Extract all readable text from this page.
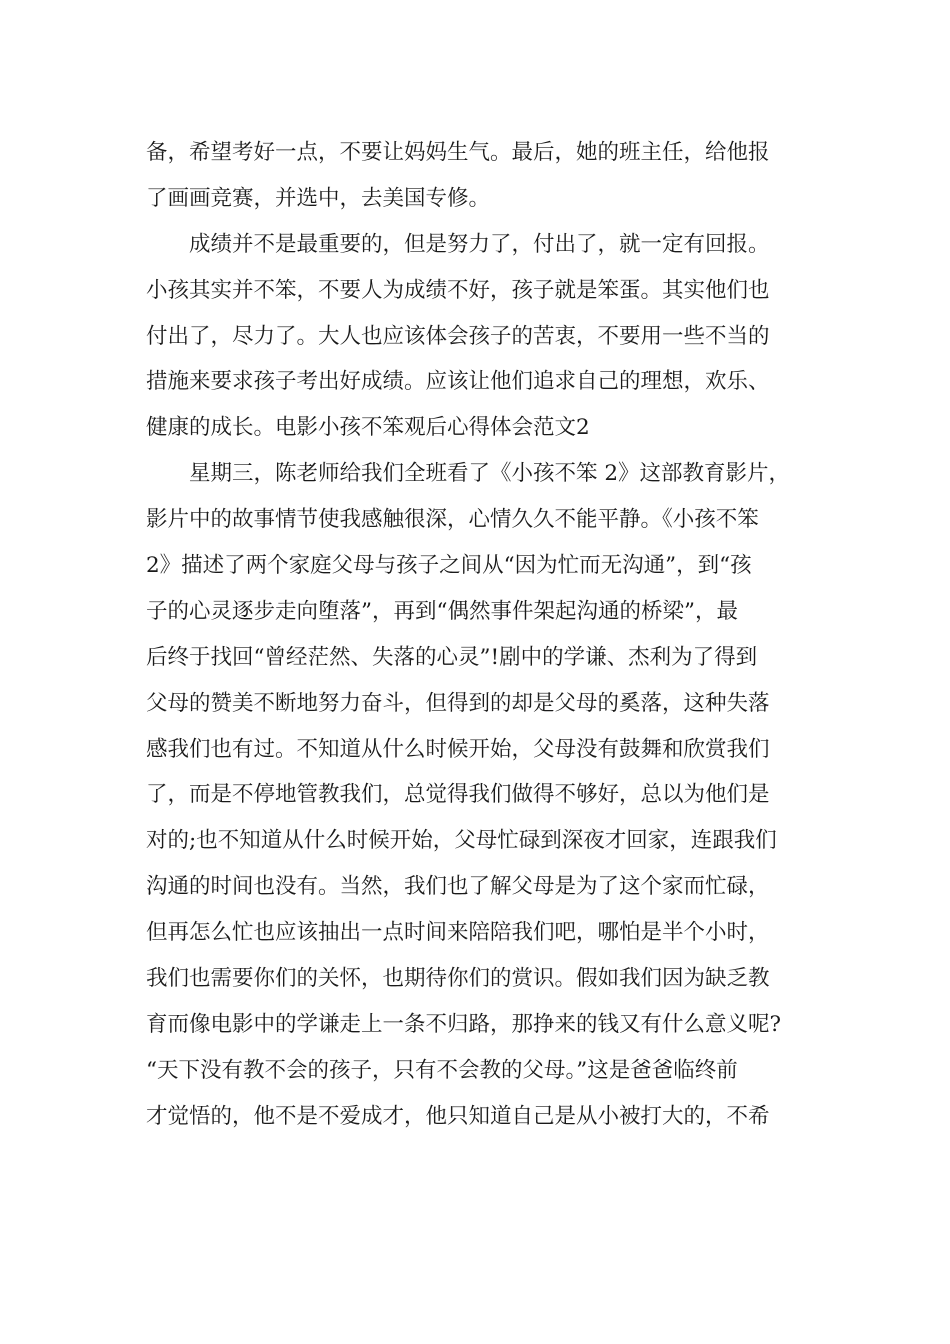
备，希望考好一点，不要让妈妈生气。最后，她的班主任，给他报
了画画竞赛，并选中，去美国专修。
成绩并不是最重要的，但是努力了，付出了，就一定有回报。
小孩其实并不笨，不要人为成绩不好，孩子就是笨蛋。其实他们也
付出了，尽力了。大人也应该体会孩子的苦衷，不要用一些不当的
措施来要求孩子考出好成绩。应该让他们追求自己的理想，欢乐、
健康的成长。电影小孩不笨观后心得体会范文2
星期三，陈老师给我们全班看了《小孩不笨 2》这部教育影片，
影片中的故事情节使我感触很深，心情久久不能平静。《小孩不笨
2》描述了两个家庭父母与孩子之间从“因为忙而无沟通”，到“孩
子的心灵逐步走向堕落”，再到“偶然事件架起沟通的桥梁”，最
后终于找回“曾经茫然、失落的心灵”!剧中的学谦、杰利为了得到
父母的赞美不断地努力奋斗，但得到的却是父母的奚落，这种失落
感我们也有过。不知道从什么时候开始，父母没有鼓舞和欣赏我们
了，而是不停地管教我们，总觉得我们做得不够好，总以为他们是
对的;也不知道从什么时候开始，父母忙碌到深夜才回家，连跟我们
沟通的时间也没有。当然，我们也了解父母是为了这个家而忙碌，
但再怎么忙也应该抽出一点时间来陪陪我们吧，哪怕是半个小时，
我们也需要你们的关怀，也期待你们的赏识。假如我们因为缺乏教
育而像电影中的学谦走上一条不归路，那挣来的钱又有什么意义呢?
“天下没有教不会的孩子，只有不会教的父母。”这是爸爸临终前
才觉悟的，他不是不爱成才，他只知道自己是从小被打大的，不希
